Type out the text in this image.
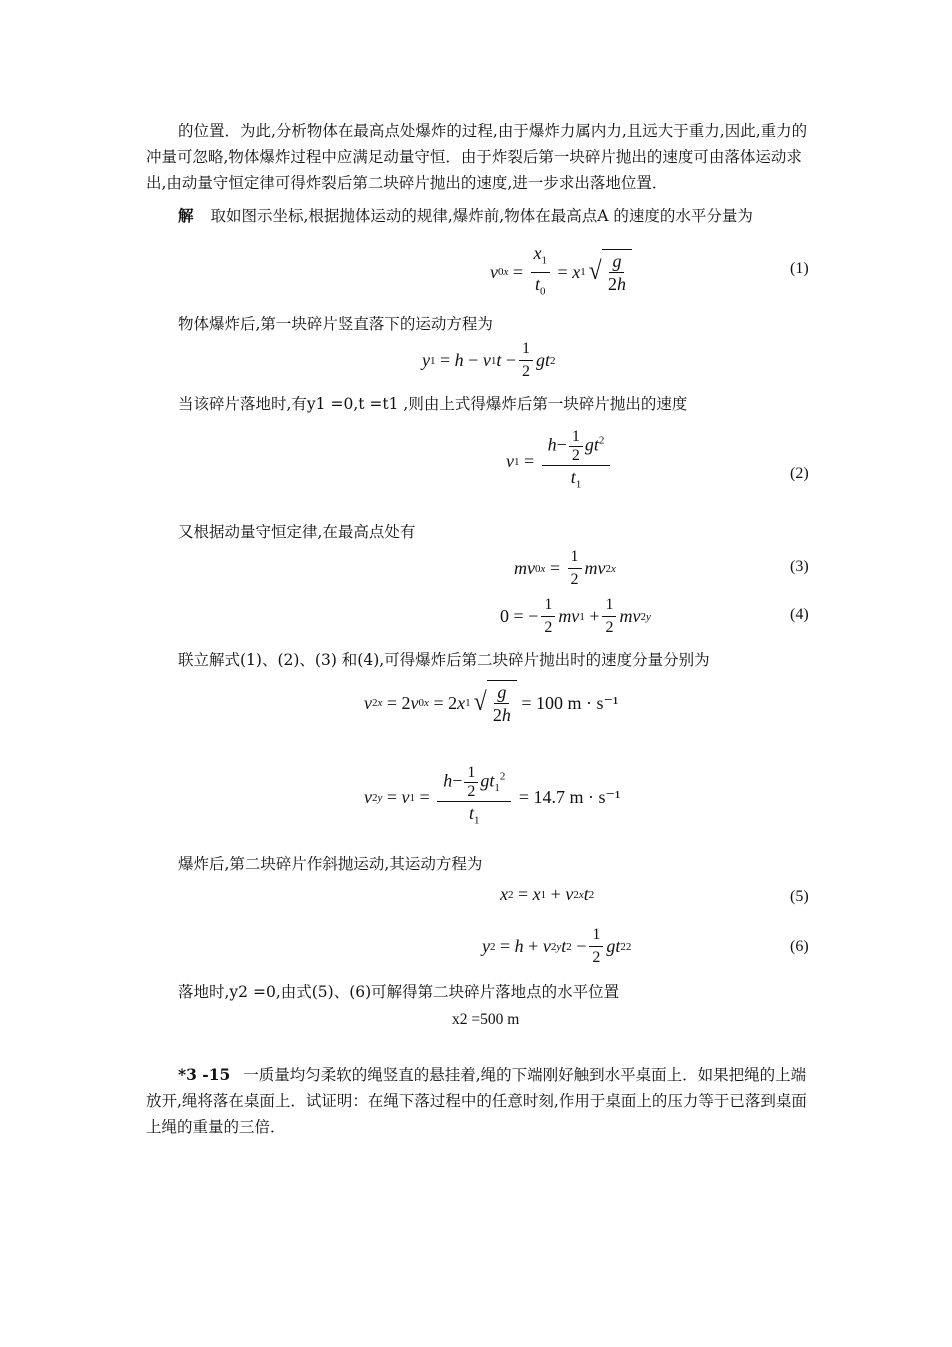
的位置．为此,分析物体在最高点处爆炸的过程,由于爆炸力属内力,且远大于重力,因此,重力的冲量可忽略,物体爆炸过程中应满足动量守恒．由于炸裂后第一块碎片抛出的速度可由落体运动求出,由动量守恒定律可得炸裂后第二块碎片抛出的速度,进一步求出落地位置．
解 取如图示坐标,根据抛体运动的规律,爆炸前,物体在最高点A 的速度的水平分量为
v $0x = \frac{x_1}{t_0} = x$ 1 √ $\frac{g}{2h}$	(1)
物体爆炸后,第一块碎片竖直落下的运动方程为
y 1 = h − v 1 $t - \frac{1}{2}$ gt 2
当该碎片落地时,有y1 =0,t =t1 ,则由上式得爆炸后第一块碎片抛出的速度
v $1 = \frac{h- \frac{1}{2} gt^2}{t_1}$	(2)
又根据动量守恒定律,在最高点处有
mv $0x = \frac{1}{2}$ mv 2x	(3)
0 = − $\frac{1}{2}$ mv $1 + \frac{1}{2}$ mv 2y	(4)
联立解式(1)、(2)、(3) 和(4),可得爆炸后第二块碎片抛出时的速度分量分别为
v 2x = 2 v 0x = 2 x 1 √ $\frac{g}{2h}$
= 100 m · s⁻¹
v 2y = v $1 = \frac{h- \frac{1}{2} gt_1^2}{t_1}$
= 14.7 m · s⁻¹
爆炸后,第二块碎片作斜抛运动,其运动方程为
x 2 = x 1 + v 2x t 2	(5)
y 2 = h + v 2y t $2 - \frac{1}{2}$ gt 2 2	(6)
落地时,y2 =0,由式(5)、(6)可解得第二块碎片落地点的水平位置
x2 =500 m
*3 -15 一质量均匀柔软的绳竖直的悬挂着,绳的下端刚好触到水平桌面上．如果把绳的上端放开,绳将落在桌面上．试证明：在绳下落过程中的任意时刻,作用于桌面上的压力等于已落到桌面上绳的重量的三倍．
